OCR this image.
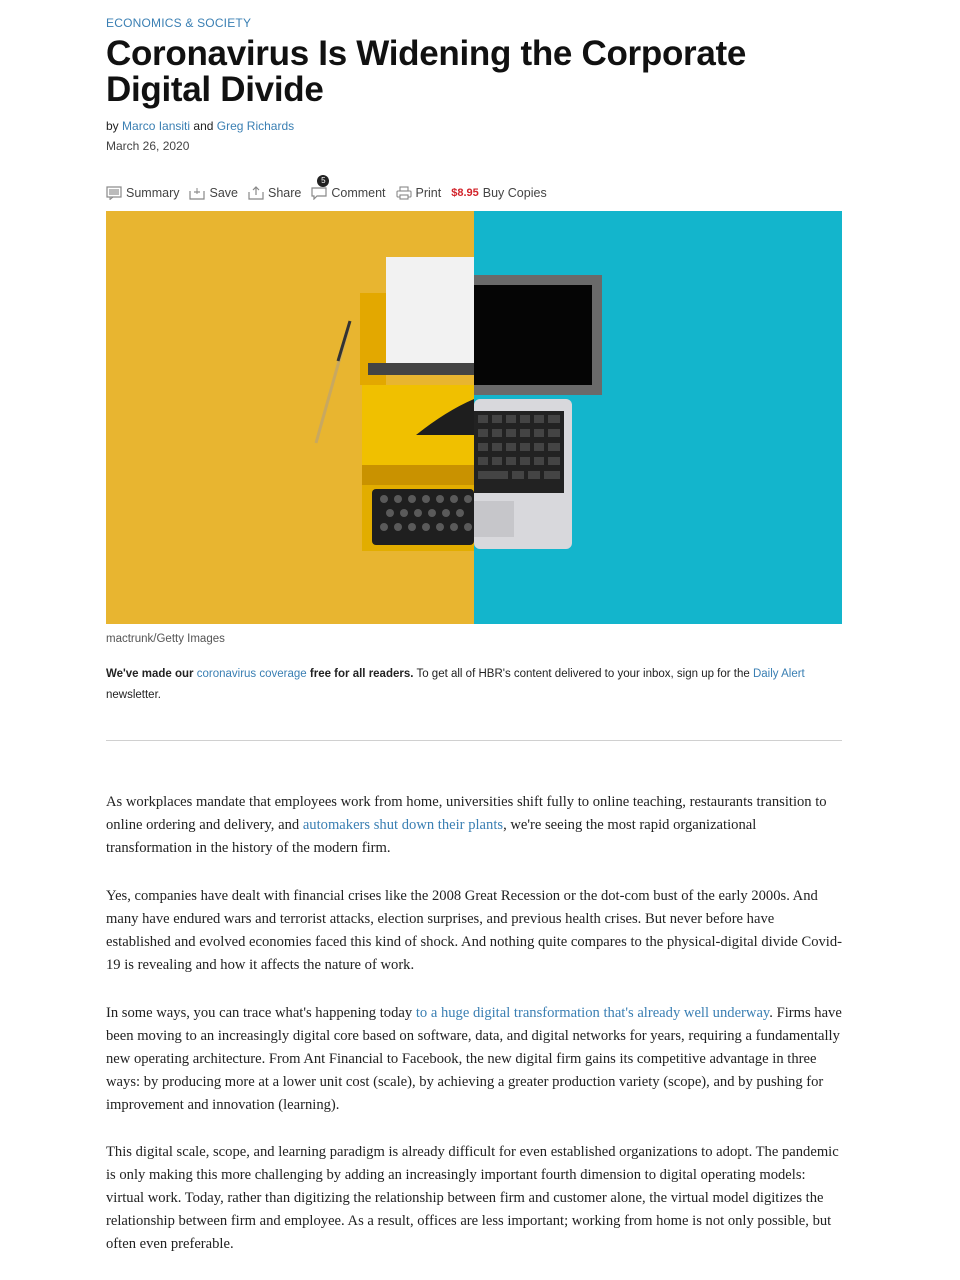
ECONOMICS & SOCIETY
Coronavirus Is Widening the Corporate Digital Divide
by Marco Iansiti and Greg Richards
March 26, 2020
Summary Save Share
5
Comment Print $8.95 Buy Copies
mactrunk/Getty Images
We've made our coronavirus coverage free for all readers. To get all of HBR's content delivered to your inbox, sign up for the Daily Alert newsletter.

As workplaces mandate that employees work from home, universities shift fully to online teaching, restaurants transition to online ordering and delivery, and automakers shut down their plants, we're seeing the most rapid organizational transformation in the history of the modern firm.

Yes, companies have dealt with financial crises like the 2008 Great Recession or the dot-com bust of the early 2000s. And many have endured wars and terrorist attacks, election surprises, and previous health crises. But never before have established and evolved economies faced this kind of shock. And nothing quite compares to the physical-digital divide Covid-19 is revealing and how it affects the nature of work.

In some ways, you can trace what's happening today to a huge digital transformation that's already well underway. Firms have been moving to an increasingly digital core based on software, data, and digital networks for years, requiring a fundamentally new operating architecture. From Ant Financial to Facebook, the new digital firm gains its competitive advantage in three ways: by producing more at a lower unit cost (scale), by achieving a greater production variety (scope), and by pushing for improvement and innovation (learning).

This digital scale, scope, and learning paradigm is already difficult for even established organizations to adopt. The pandemic is only making this more challenging by adding an increasingly important fourth dimension to digital operating models: virtual work. Today, rather than digitizing the relationship between firm and customer alone, the virtual model digitizes the relationship between firm and employee. As a result, offices are less important; working from home is not only possible, but often even preferable.
